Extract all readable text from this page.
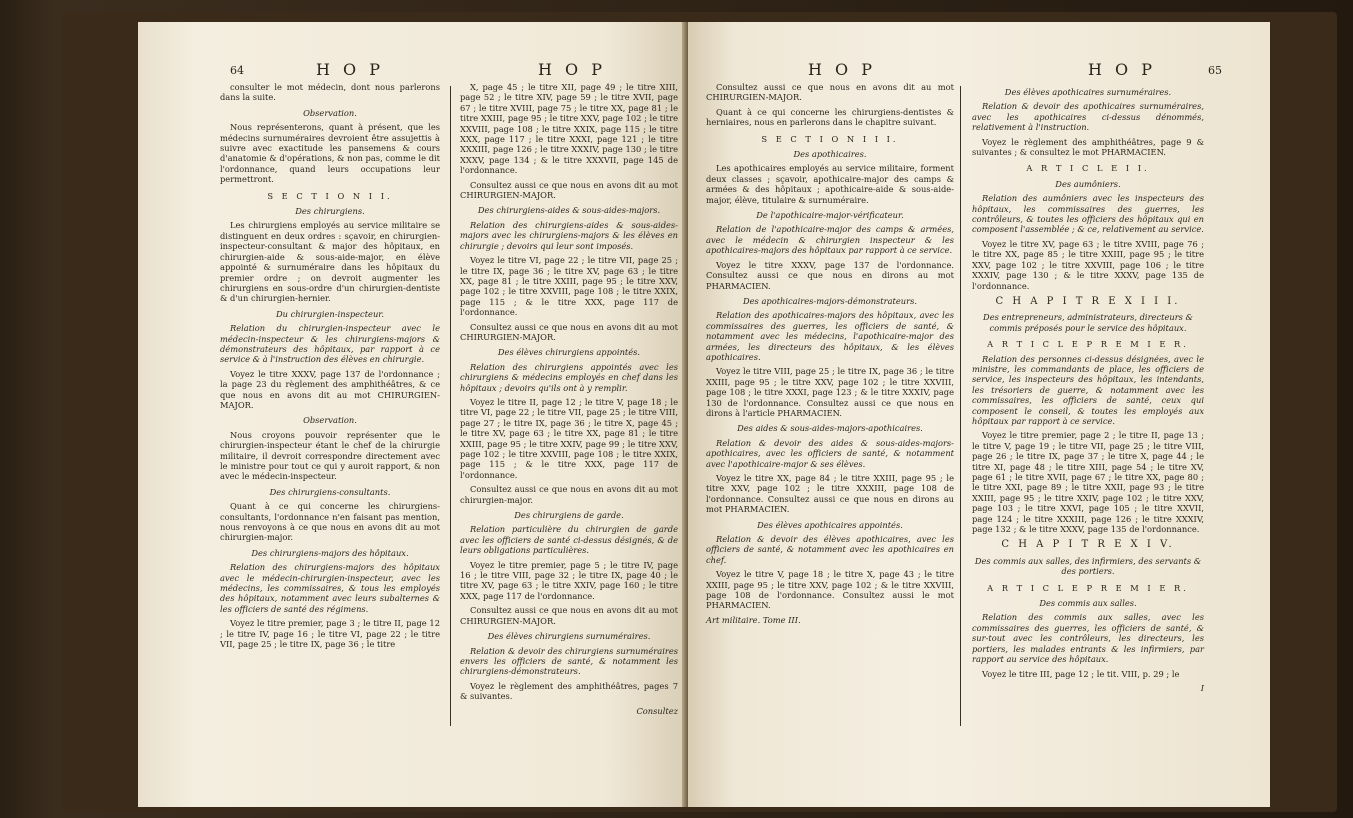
64	H O P	H O P

consulter le mot médecin, dont nous parlerons dans la suite.

Observation.

Nous représenterons, quant à présent, que les médecins surnuméraires devroient être assujettis à suivre avec exactitude les pansemens & cours d'anatomie & d'opérations, & non pas, comme le dit l'ordonnance, quand leurs occupations leur permettront.

S E C T I O N I I.

Des chirurgiens.

Les chirurgiens employés au service militaire se distinguent en deux ordres : sçavoir, en chirurgien-inspecteur-consultant & major des hôpitaux, en chirurgien-aide & sous-aide-major, en élève appointé & surnuméraire dans les hôpitaux du premier ordre ; on devroit augmenter les chirurgiens en sous-ordre d'un chirurgien-dentiste & d'un chirurgien-hernier.

Du chirurgien-inspecteur.

Relation du chirurgien-inspecteur avec le médecin-inspecteur & les chirurgiens-majors & démonstrateurs des hôpitaux, par rapport à ce service & à l'instruction des élèves en chirurgie.

Voyez le titre XXXV, page 137 de l'ordonnance ; la page 23 du règlement des amphithéâtres, & ce que nous en avons dit au mot CHIRURGIEN-MAJOR.

Observation.

Nous croyons pouvoir représenter que le chirurgien-inspecteur étant le chef de la chirurgie militaire, il devroit correspondre directement avec le ministre pour tout ce qui y auroit rapport, & non avec le médecin-inspecteur.

Des chirurgiens-consultants.

Quant à ce qui concerne les chirurgiens-consultants, l'ordonnance n'en faisant pas mention, nous renvoyons à ce que nous en avons dit au mot chirurgien-major.

Des chirurgiens-majors des hôpitaux.

Relation des chirurgiens-majors des hôpitaux avec le médecin-chirurgien-inspecteur, avec les médecins, les commissaires, & tous les employés des hôpitaux, notamment avec leurs subalternes & les officiers de santé des régimens.

Voyez le titre premier, page 3 ; le titre II, page 12 ; le titre IV, page 16 ; le titre VI, page 22 ; le titre VII, page 25 ; le titre IX, page 36 ; le titre

X, page 45 ; le titre XII, page 49 ; le titre XIII, page 52 ; le titre XIV, page 59 ; le titre XVII, page 67 ; le titre XVIII, page 75 ; le titre XX, page 81 ; le titre XXIII, page 95 ; le titre XXV, page 102 ; le titre XXVIII, page 108 ; le titre XXIX, page 115 ; le titre XXX, page 117 ; le titre XXXI, page 121 ; le titre XXXIII, page 126 ; le titre XXXIV, page 130 ; le titre XXXV, page 134 ; & le titre XXXVII, page 145 de l'ordonnance.

Consultez aussi ce que nous en avons dit au mot CHIRURGIEN-MAJOR.

Des chirurgiens-aides & sous-aides-majors.

Relation des chirurgiens-aides & sous-aides-majors avec les chirurgiens-majors & les élèves en chirurgie ; devoirs qui leur sont imposés.

Voyez le titre VI, page 22 ; le titre VII, page 25 ; le titre IX, page 36 ; le titre XV, page 63 ; le titre XX, page 81 ; le titre XXIII, page 95 ; le titre XXV, page 102 ; le titre XXVIII, page 108 ; le titre XXIX, page 115 ; & le titre XXX, page 117 de l'ordonnance.

Consultez aussi ce que nous en avons dit au mot CHIRURGIEN-MAJOR.

Des élèves chirurgiens appointés.

Relation des chirurgiens appointés avec les chirurgiens & médecins employés en chef dans les hôpitaux ; devoirs qu'ils ont à y remplir.

Voyez le titre II, page 12 ; le titre V, page 18 ; le titre VI, page 22 ; le titre VII, page 25 ; le titre VIII, page 27 ; le titre IX, page 36 ; le titre X, page 45 ; le titre XV, page 63 ; le titre XX, page 81 ; le titre XXIII, page 95 ; le titre XXIV, page 99 ; le titre XXV, page 102 ; le titre XXVIII, page 108 ; le titre XXIX, page 115 ; & le titre XXX, page 117 de l'ordonnance.

Consultez aussi ce que nous en avons dit au mot chirurgien-major.

Des chirurgiens de garde.

Relation particulière du chirurgien de garde avec les officiers de santé ci-dessus désignés, & de leurs obligations particulières.

Voyez le titre premier, page 5 ; le titre IV, page 16 ; le titre VIII, page 32 ; le titre IX, page 40 ; le titre XV, page 63 ; le titre XXIV, page 160 ; le titre XXX, page 117 de l'ordonnance.

Consultez aussi ce que nous en avons dit au mot CHIRURGIEN-MAJOR.

Des élèves chirurgiens surnuméraires.

Relation & devoir des chirurgiens surnuméraires envers les officiers de santé, & notamment les chirurgiens-démonstrateurs.

Voyez le règlement des amphithéâtres, pages 7 & suivantes.

Consultez

H O P	H O P	65

Consultez aussi ce que nous en avons dit au mot CHIRURGIEN-MAJOR.

Quant à ce qui concerne les chirurgiens-dentistes & herniaires, nous en parlerons dans le chapitre suivant.

S E C T I O N I I I.

Des apothicaires.

Les apothicaires employés au service militaire, forment deux classes ; sçavoir, apothicaire-major des camps & armées & des hôpitaux ; apothicaire-aide & sous-aide-major, élève, titulaire & surnuméraire.

De l'apothicaire-major-vérificateur.

Relation de l'apothicaire-major des camps & armées, avec le médecin & chirurgien inspecteur & les apothicaires-majors des hôpitaux par rapport à ce service.

Voyez le titre XXXV, page 137 de l'ordonnance. Consultez aussi ce que nous en dirons au mot PHARMACIEN.

Des apothicaires-majors-démonstrateurs.

Relation des apothicaires-majors des hôpitaux, avec les commissaires des guerres, les officiers de santé, & notamment avec les médecins, l'apothicaire-major des armées, les directeurs des hôpitaux, & les élèves apothicaires.

Voyez le titre VIII, page 25 ; le titre IX, page 36 ; le titre XXIII, page 95 ; le titre XXV, page 102 ; le titre XXVIII, page 108 ; le titre XXXI, page 123 ; & le titre XXXIV, page 130 de l'ordonnance. Consultez aussi ce que nous en dirons à l'article PHARMACIEN.

Des aides & sous-aides-majors-apothicaires.

Relation & devoir des aides & sous-aides-majors-apothicaires, avec les officiers de santé, & notamment avec l'apothicaire-major & ses élèves.

Voyez le titre XX, page 84 ; le titre XXIII, page 95 ; le titre XXV, page 102 ; le titre XXXIII, page 108 de l'ordonnance. Consultez aussi ce que nous en dirons au mot PHARMACIEN.

Des élèves apothicaires appointés.

Relation & devoir des élèves apothicaires, avec les officiers de santé, & notamment avec les apothicaires en chef.

Voyez le titre V, page 18 ; le titre X, page 43 ; le titre XXIII, page 95 ; le titre XXV, page 102 ; & le titre XXVIII, page 108 de l'ordonnance. Consultez aussi le mot PHARMACIEN.

Art militaire. Tome III.

Des élèves apothicaires surnuméraires.

Relation & devoir des apothicaires surnuméraires, avec les apothicaires ci-dessus dénommés, relativement à l'instruction.

Voyez le règlement des amphithéâtres, page 9 & suivantes ; & consultez le mot PHARMACIEN.

A R T I C L E I I.

Des aumôniers.

Relation des aumôniers avec les inspecteurs des hôpitaux, les commissaires des guerres, les contrôleurs, & toutes les officiers des hôpitaux qui en composent l'assemblée ; & ce, relativement au service.

Voyez le titre XV, page 63 ; le titre XVIII, page 76 ; le titre XX, page 85 ; le titre XXIII, page 95 ; le titre XXV, page 102 ; le titre XXVIII, page 106 ; le titre XXXIV, page 130 ; & le titre XXXV, page 135 de l'ordonnance.

C H A P I T R E X I I I.

Des entrepreneurs, administrateurs, directeurs & commis préposés pour le service des hôpitaux.

A R T I C L E P R E M I E R.

Relation des personnes ci-dessus désignées, avec le ministre, les commandants de place, les officiers de service, les inspecteurs des hôpitaux, les intendants, les trésoriers de guerre, & notamment avec les commissaires, les officiers de santé, ceux qui composent le conseil, & toutes les employés aux hôpitaux par rapport à ce service.

Voyez le titre premier, page 2 ; le titre II, page 13 ; le titre V, page 19 ; le titre VII, page 25 ; le titre VIII, page 26 ; le titre IX, page 37 ; le titre X, page 44 ; le titre XI, page 48 ; le titre XIII, page 54 ; le titre XV, page 61 ; le titre XVII, page 67 ; le titre XX, page 80 ; le titre XXI, page 89 ; le titre XXII, page 93 ; le titre XXIII, page 95 ; le titre XXIV, page 102 ; le titre XXV, page 103 ; le titre XXVI, page 105 ; le titre XXVII, page 124 ; le titre XXXIII, page 126 ; le titre XXXIV, page 132 ; & le titre XXXV, page 135 de l'ordonnance.

C H A P I T R E X I V.

Des commis aux salles, des infirmiers, des servants & des portiers.

A R T I C L E P R E M I E R.

Des commis aux salles.

Relation des commis aux salles, avec les commissaires des guerres, les officiers de santé, & sur-tout avec les contrôleurs, les directeurs, les portiers, les malades entrants & les infirmiers, par rapport au service des hôpitaux.

Voyez le titre III, page 12 ; le tit. VIII, p. 29 ; le

I
